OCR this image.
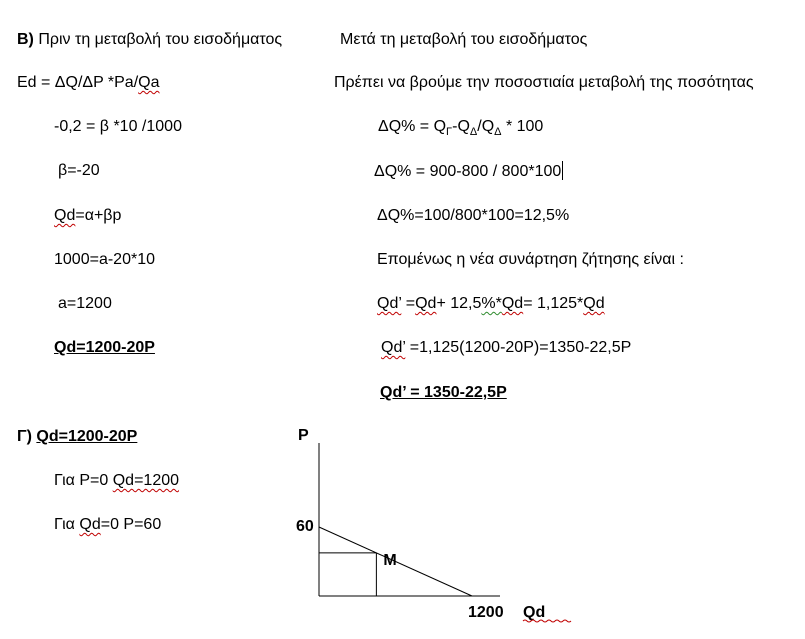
Β) Πριν τη μεταβολή του εισοδήματος
Ed = ΔQ/ΔP *Pa/Qa
-0,2 = β *10 /1000
β=-20
Qd=α+βp
1000=a-20*10
a=1200
Qd=1200-20P
Μετά τη μεταβολή του εισοδήματος
Πρέπει να βρούμε την ποσοστιαία μεταβολή της ποσότητας
$\Delta Q\% = Q_\Gamma-Q_\Delta/Q_\Delta * 100$
ΔQ% = 900-800 / 800*100
ΔQ%=100/800*100=12,5%
Επομένως η νέα συνάρτηση ζήτησης είναι :
Qd’ =Qd+ 12,5%*Qd= 1,125*Qd
Qd’ =1,125(1200-20P)=1350-22,5P
Qd’ = 1350-22,5P
Γ) Qd=1200-20P
Για P=0 Qd=1200
Για Qd=0 P=60
P
60
1200 Qd
M
